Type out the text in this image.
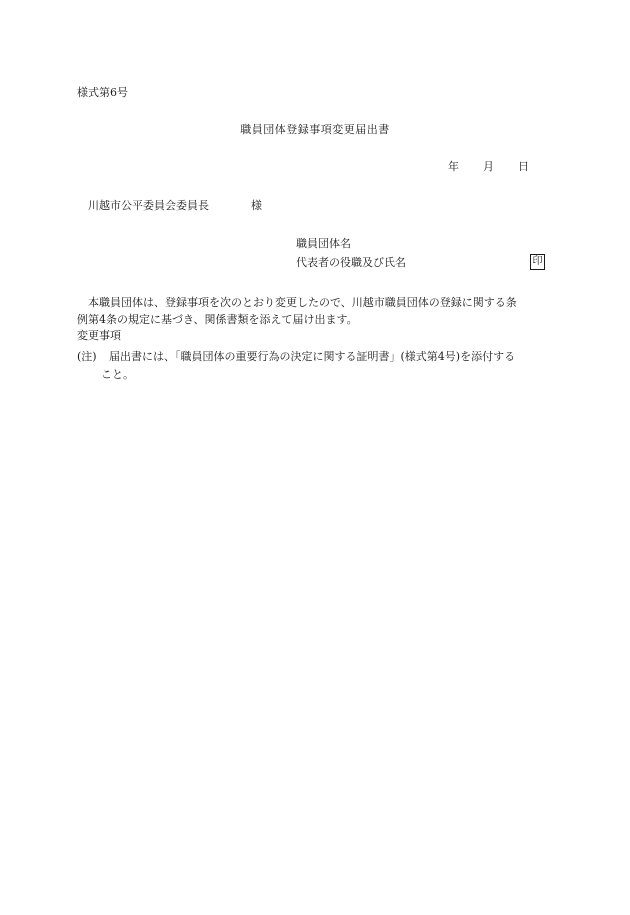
様式第6号
職員団体登録事項変更届出書
年 月 日
川越市公平委員会委員長	様
職員団体名
代表者の役職及び氏名	印
　本職員団体は、登録事項を次のとおり変更したので、川越市職員団体の登録に関する条
例第4条の規定に基づき、関係書類を添えて届け出ます。
変更事項
(注) 届出書には、「職員団体の重要行為の決定に関する証明書」(様式第4号)を添付する
こと。
